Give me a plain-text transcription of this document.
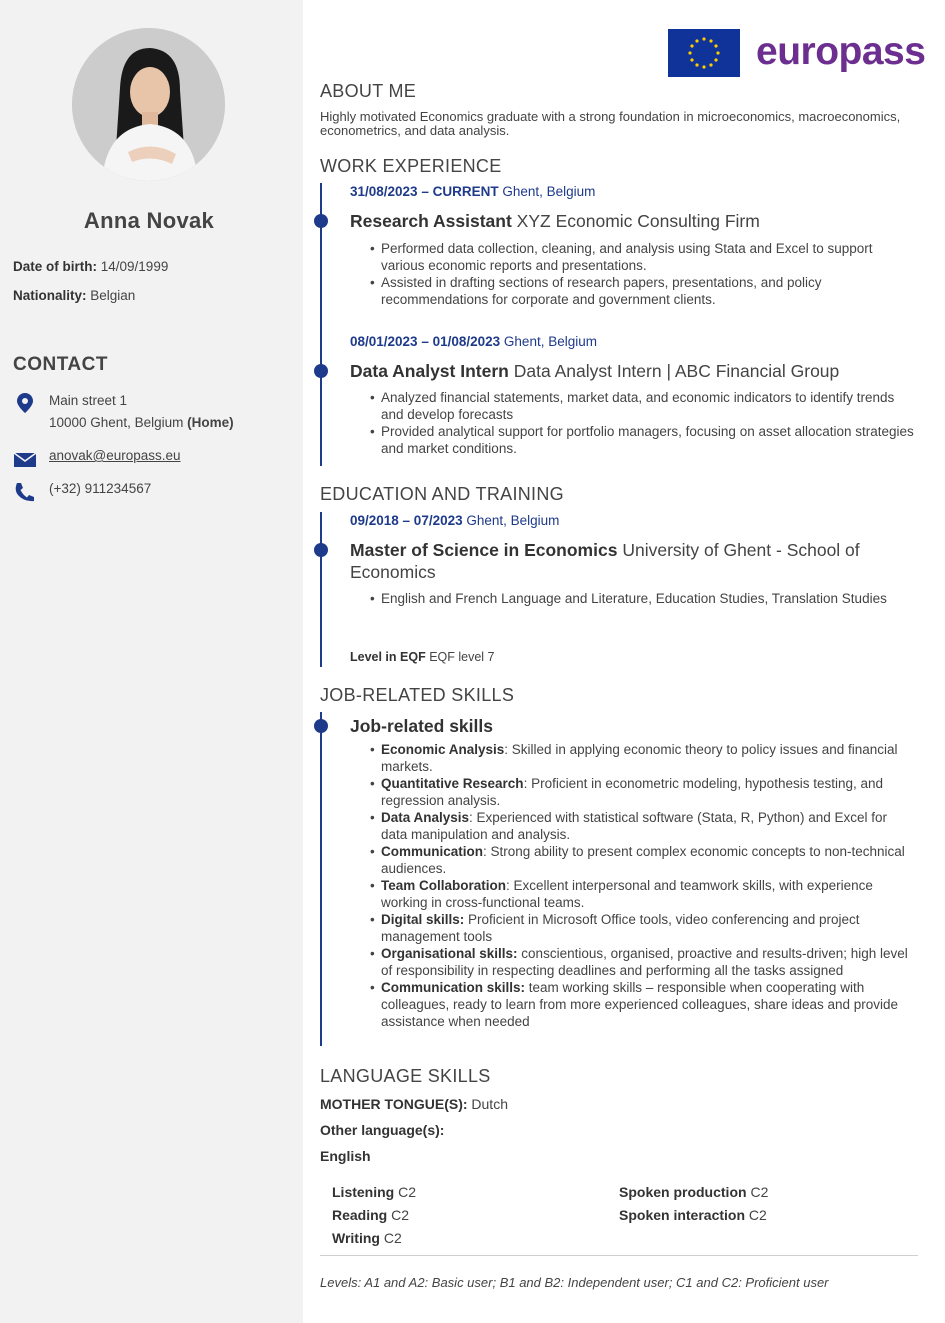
Anna Novak
Date of birth: 14/09/1999
Nationality: Belgian
CONTACT
Main street 1
10000 Ghent, Belgium (Home)
anovak@europass.eu
(+32) 911234567
europass
ABOUT ME
Highly motivated Economics graduate with a strong foundation in microeconomics, macroeconomics, econometrics, and data analysis.
WORK EXPERIENCE
31/08/2023 – CURRENT Ghent, Belgium
Research Assistant XYZ Economic Consulting Firm
• Performed data collection, cleaning, and analysis using Stata and Excel to support various economic reports and presentations.
• Assisted in drafting sections of research papers, presentations, and policy recommendations for corporate and government clients.
08/01/2023 – 01/08/2023 Ghent, Belgium
Data Analyst Intern Data Analyst Intern | ABC Financial Group
• Analyzed financial statements, market data, and economic indicators to identify trends and develop forecasts
• Provided analytical support for portfolio managers, focusing on asset allocation strategies and market conditions.
EDUCATION AND TRAINING
09/2018 – 07/2023 Ghent, Belgium
Master of Science in Economics University of Ghent - School of Economics
• English and French Language and Literature, Education Studies, Translation Studies
Level in EQF EQF level 7
JOB-RELATED SKILLS
Job-related skills
• Economic Analysis: Skilled in applying economic theory to policy issues and financial markets.
• Quantitative Research: Proficient in econometric modeling, hypothesis testing, and regression analysis.
• Data Analysis: Experienced with statistical software (Stata, R, Python) and Excel for data manipulation and analysis.
• Communication: Strong ability to present complex economic concepts to non-technical audiences.
• Team Collaboration: Excellent interpersonal and teamwork skills, with experience working in cross-functional teams.
• Digital skills: Proficient in Microsoft Office tools, video conferencing and project management tools
• Organisational skills: conscientious, organised, proactive and results-driven; high level of responsibility in respecting deadlines and performing all the tasks assigned
• Communication skills: team working skills – responsible when cooperating with colleagues, ready to learn from more experienced colleagues, share ideas and provide assistance when needed
LANGUAGE SKILLS
MOTHER TONGUE(S): Dutch
Other language(s):
English
Listening C2
Reading C2
Writing C2
Spoken production C2
Spoken interaction C2
Levels: A1 and A2: Basic user; B1 and B2: Independent user; C1 and C2: Proficient user
